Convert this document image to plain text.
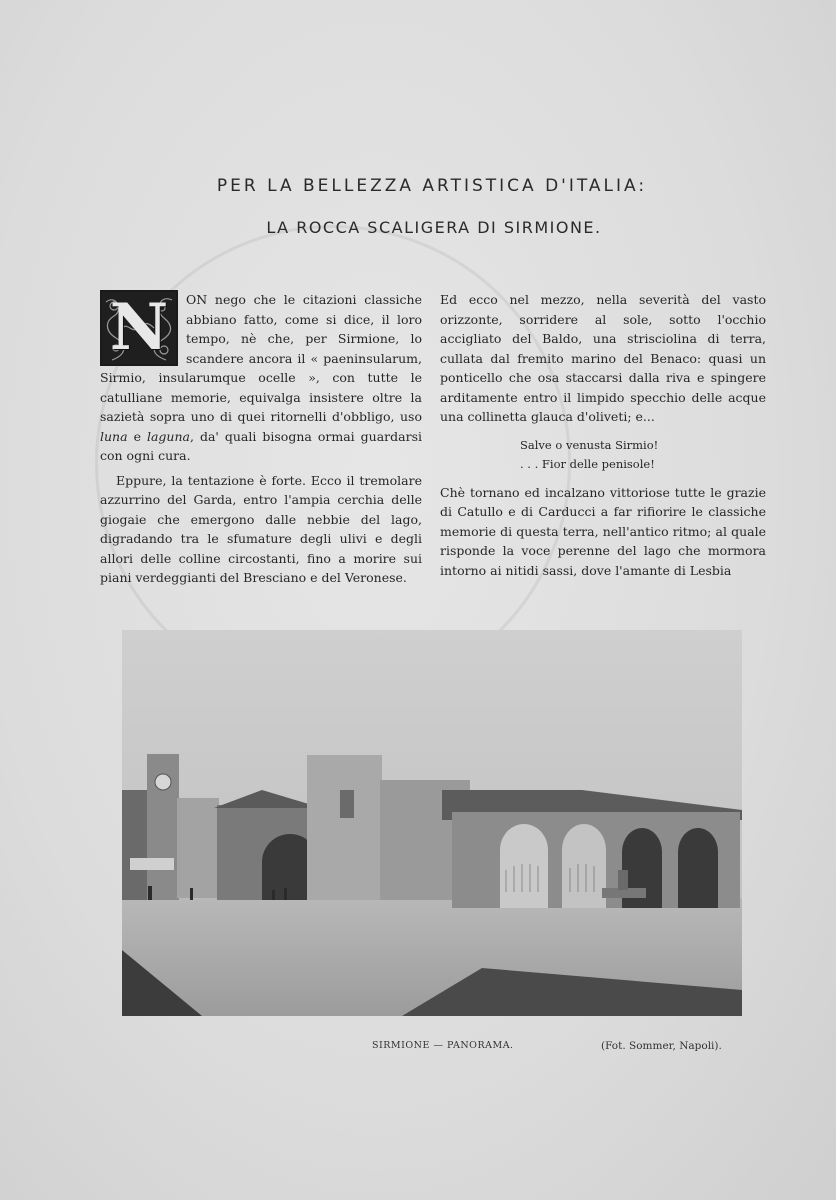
PER LA BELLEZZA ARTISTICA D'ITALIA:
LA ROCCA SCALIGERA DI SIRMIONE.
N	ON nego che le citazioni classiche abbiano fatto, come si dice, il loro tempo, nè che, per Sirmione, lo scandere ancora il « paeninsularum, Sirmio, insularumque ocelle », con tutte le catulliane memorie, equivalga insistere oltre la sazietà sopra uno di quei ritornelli d'obbligo, uso luna e laguna, da' quali bisogna ormai guardarsi con ogni cura.

Eppure, la tentazione è forte. Ecco il tremolare azzurrino del Garda, entro l'ampia cerchia delle giogaie che emergono dalle nebbie del lago, digradando tra le sfumature degli ulivi e degli allori delle colline circostanti, fino a morire sui piani verdeggianti del Bresciano e del Veronese.

Ed ecco nel mezzo, nella severità del vasto orizzonte, sorridere al sole, sotto l'occhio accigliato del Baldo, una strisciolina di terra, cullata dal fremito marino del Benaco: quasi un ponticello che osa staccarsi dalla riva e spingere arditamente entro il limpido specchio delle acque una collinetta glauca d'oliveti; e...

Salve o venusta Sirmio!
. . . Fior delle penisole!

Chè tornano ed incalzano vittoriose tutte le grazie di Catullo e di Carducci a far rifiorire le classiche memorie di questa terra, nell'antico ritmo; al quale risponde la voce perenne del lago che mormora intorno ai nitidi sassi, dove l'amante di Lesbia

SIRMIONE — PANORAMA.	(Fot. Sommer, Napoli).
